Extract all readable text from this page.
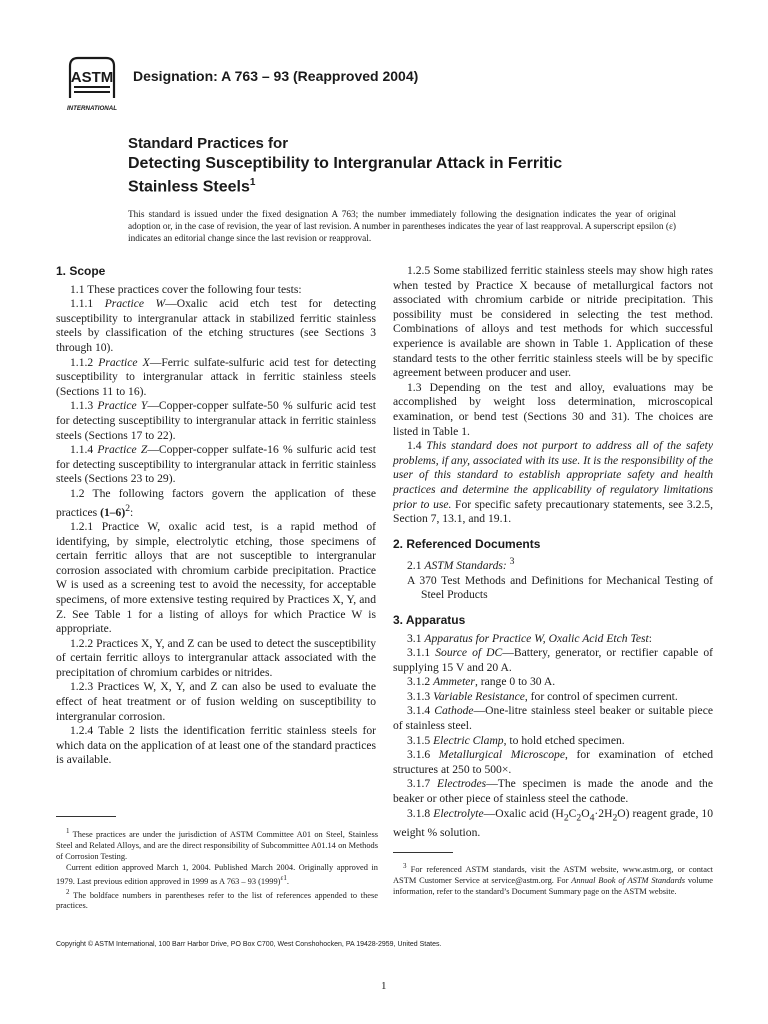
ASTM
INTERNATIONAL
Designation: A 763 – 93 (Reapproved 2004)

Standard Practices for

Detecting Susceptibility to Intergranular Attack in Ferritic

Stainless Steels$^1$

This standard is issued under the fixed designation A 763; the number immediately following the designation indicates the year of original adoption or, in the case of revision, the year of last revision. A number in parentheses indicates the year of last reapproval. A superscript epsilon (ε) indicates an editorial change since the last revision or reapproval.
1. Scope

1.1 These practices cover the following four tests:

1.1.1 Practice W—Oxalic acid etch test for detecting susceptibility to intergranular attack in stabilized ferritic stainless steels by classification of the etching structures (see Sections 3 through 10).

1.1.2 Practice X—Ferric sulfate-sulfuric acid test for detecting susceptibility to intergranular attack in ferritic stainless steels (Sections 11 to 16).

1.1.3 Practice Y—Copper-copper sulfate-50 % sulfuric acid test for detecting susceptibility to intergranular attack in ferritic stainless steels (Sections 17 to 22).

1.1.4 Practice Z—Copper-copper sulfate-16 % sulfuric acid test for detecting susceptibility to intergranular attack in ferritic stainless steels (Sections 23 to 29).

1.2 The following factors govern the application of these practices $(1-6)^2$:

1.2.1 Practice W, oxalic acid test, is a rapid method of identifying, by simple, electrolytic etching, those specimens of certain ferritic alloys that are not susceptible to intergranular corrosion associated with chromium carbide precipitation. Practice W is used as a screening test to avoid the necessity, for acceptable specimens, of more extensive testing required by Practices X, Y, and Z. See Table 1 for a listing of alloys for which Practice W is appropriate.

1.2.2 Practices X, Y, and Z can be used to detect the susceptibility of certain ferritic alloys to intergranular attack associated with the precipitation of chromium carbides or nitrides.

1.2.3 Practices W, X, Y, and Z can also be used to evaluate the effect of heat treatment or of fusion welding on susceptibility to intergranular corrosion.

1.2.4 Table 2 lists the identification ferritic stainless steels for which data on the application of at least one of the standard practices is available.

1.2.5 Some stabilized ferritic stainless steels may show high rates when tested by Practice X because of metallurgical factors not associated with chromium carbide or nitride precipitation. This possibility must be considered in selecting the test method. Combinations of alloys and test methods for which successful experience is available are shown in Table 1. Application of these standard tests to the other ferritic stainless steels will be by specific agreement between producer and user.

1.3 Depending on the test and alloy, evaluations may be accomplished by weight loss determination, microscopical examination, or bend test (Sections 30 and 31). The choices are listed in Table 1.

1.4 This standard does not purport to address all of the safety problems, if any, associated with its use. It is the responsibility of the user of this standard to establish appropriate safety and health practices and determine the applicability of regulatory limitations prior to use. For specific safety precautionary statements, see 3.2.5, Section 7, 13.1, and 19.1.

2. Referenced Documents

2.1 ASTM Standards: $^3$

A 370 Test Methods and Definitions for Mechanical Testing of Steel Products

3. Apparatus

3.1 Apparatus for Practice W, Oxalic Acid Etch Test:

3.1.1 Source of DC—Battery, generator, or rectifier capable of supplying 15 V and 20 A.

3.1.2 Ammeter, range 0 to 30 A.

3.1.3 Variable Resistance, for control of specimen current.

3.1.4 Cathode—One-litre stainless steel beaker or suitable piece of stainless steel.

3.1.5 Electric Clamp, to hold etched specimen.

3.1.6 Metallurgical Microscope, for examination of etched structures at 250 to 500×.

3.1.7 Electrodes—The specimen is made the anode and the beaker or other piece of stainless steel the cathode.

3.1.8 Electrolyte—Oxalic acid $(H_2C_2O_4\cdot 2H_2O)$ reagent grade, 10 weight % solution.

$^1$ These practices are under the jurisdiction of ASTM Committee A01 on Steel, Stainless Steel and Related Alloys, and are the direct responsibility of Subcommittee A01.14 on Methods of Corrosion Testing.

Current edition approved March 1, 2004. Published March 2004. Originally approved in 1979. Last previous edition approved in 1999 as A 763 – 93 $(1999)^{\varepsilon 1}$.

$^2$ The boldface numbers in parentheses refer to the list of references appended to these practices.

$^3$ For referenced ASTM standards, visit the ASTM website, www.astm.org, or contact ASTM Customer Service at service@astm.org. For Annual Book of ASTM Standards volume information, refer to the standard’s Document Summary page on the ASTM website.

Copyright © ASTM International, 100 Barr Harbor Drive, PO Box C700, West Conshohocken, PA 19428-2959, United States.
1
